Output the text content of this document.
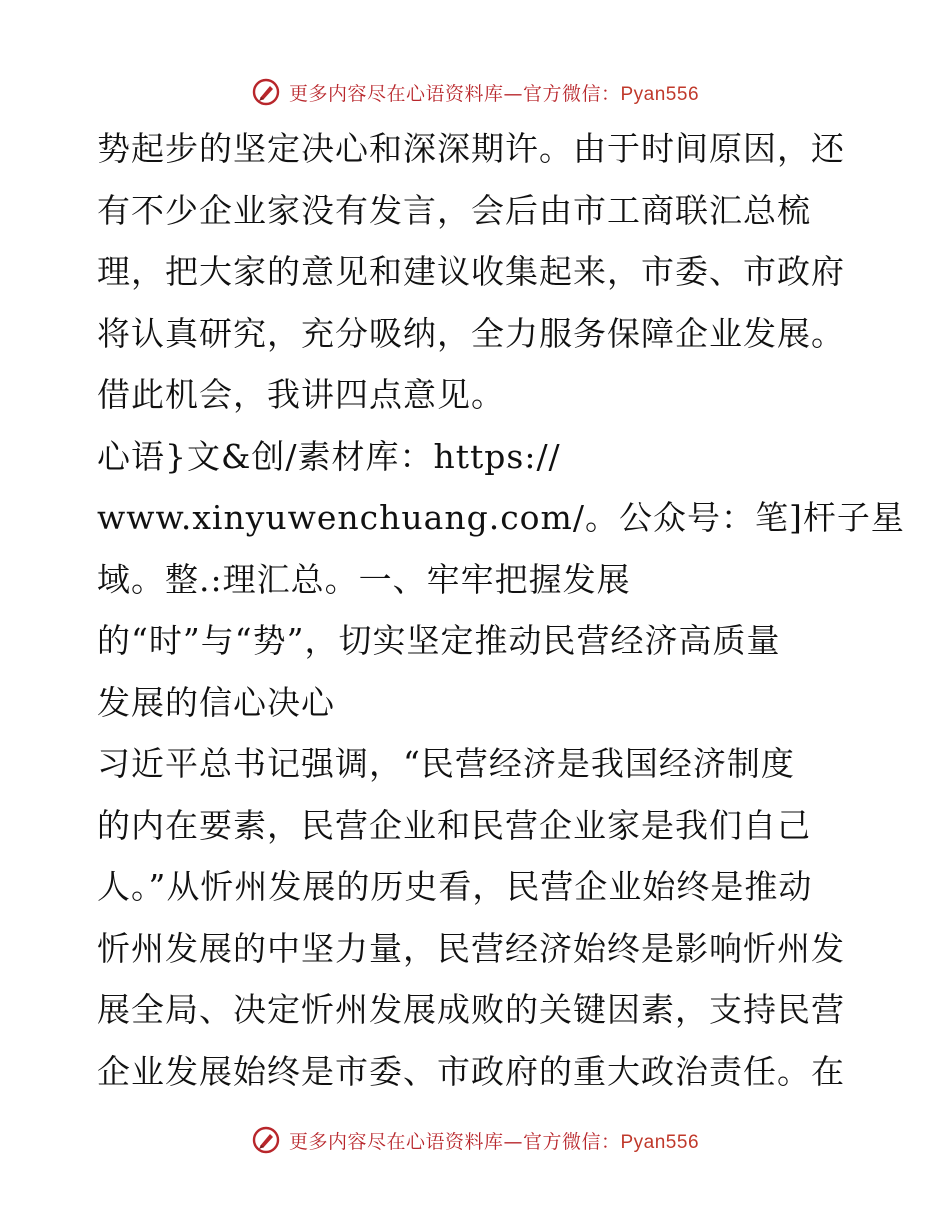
更多内容尽在心语资料库—官方微信：Pyan556
势起步的坚定决心和深深期许。由于时间原因，还
有不少企业家没有发言，会后由市工商联汇总梳
理，把大家的意见和建议收集起来，市委、市政府
将认真研究，充分吸纳，全力服务保障企业发展。
借此机会，我讲四点意见。
心语}文&创/素材库：https://
www.xinyuwenchuang.com/。公众号：笔]杆子星
域。整.:理汇总。一、牢牢把握发展
的“时”与“势”，切实坚定推动民营经济高质量
发展的信心决心
习近平总书记强调，“民营经济是我国经济制度
的内在要素，民营企业和民营企业家是我们自己
人。”从忻州发展的历史看，民营企业始终是推动
忻州发展的中坚力量，民营经济始终是影响忻州发
展全局、决定忻州发展成败的关键因素，支持民营
企业发展始终是市委、市政府的重大政治责任。在
更多内容尽在心语资料库—官方微信：Pyan556
